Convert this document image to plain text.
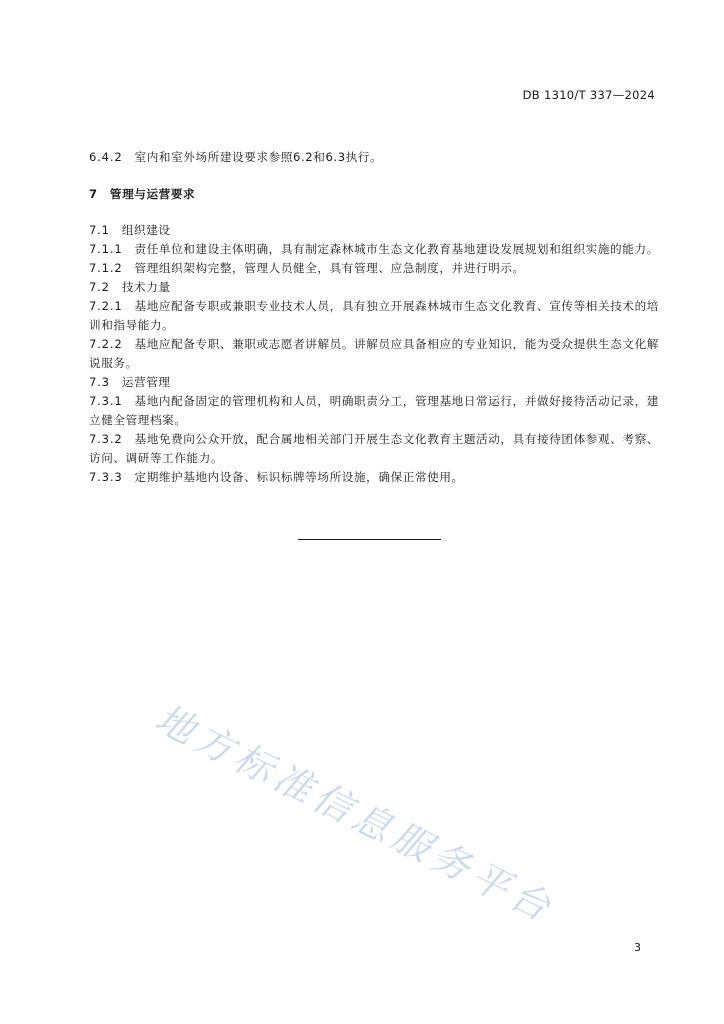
DB 1310/T 337—2024

6.4.2 室内和室外场所建设要求参照6.2和6.3执行。

7 管理与运营要求

7.1 组织建设

7.1.1 责任单位和建设主体明确，具有制定森林城市生态文化教育基地建设发展规划和组织实施的能力。

7.1.2 管理组织架构完整，管理人员健全，具有管理、应急制度，并进行明示。

7.2 技术力量

7.2.1 基地应配备专职或兼职专业技术人员，具有独立开展森林城市生态文化教育、宣传等相关技术的培训和指导能力。

7.2.2 基地应配备专职、兼职或志愿者讲解员。讲解员应具备相应的专业知识，能为受众提供生态文化解说服务。

7.3 运营管理

7.3.1 基地内配备固定的管理机构和人员，明确职责分工，管理基地日常运行，并做好接待活动记录，建立健全管理档案。

7.3.2 基地免费向公众开放，配合属地相关部门开展生态文化教育主题活动，具有接待团体参观、考察、访问、调研等工作能力。

7.3.3 定期维护基地内设备、标识标牌等场所设施，确保正常使用。

地方标准信息服务平台
3
